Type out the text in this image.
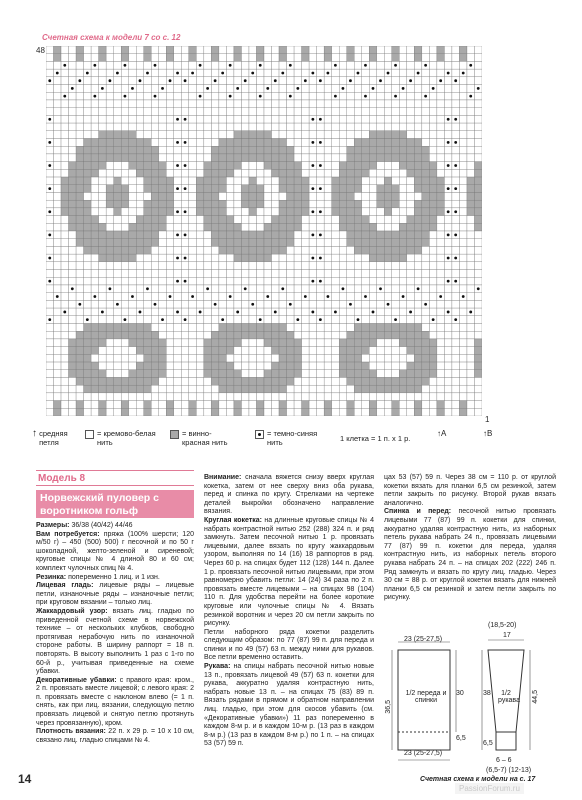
Счетная схема к модели 7 со с. 12
48
1
↑ средняя петля
= кремово-белая нить
= винно-красная нить
= темно-синяя нить	1 клетка = 1 п. х 1 р.
↑A	↑B
Модель 8
Норвежский пуловер с воротником гольф

Размеры: 36/38 (40/42) 44/46

Вам потребуется: пряжа (100% шерсти; 120 м/50 г) – 450 (500) 500) г песочной и по 50 г шоколадной, желто-зеленой и сиреневой; круговые спицы № 4 длиной 80 и 60 см; комплект чулочных спиц № 4.

Резинка: попеременно 1 лиц. и 1 изн.

Лицевая гладь: лицевые ряды – лицевые петли, изнаночные ряды – изнаночные петли; при круговом вязании – только лиц.

Жаккардовый узор: вязать лиц. гладью по приведенной счетной схеме в норвежской технике – от нескольких клубков, свободно протягивая нерабочую нить по изнаночной стороне работы. В ширину раппорт = 18 п. повторять. В высоту выполнить 1 раз с 1-го по 60-й р., учитывая приведенные на схеме убавки.

Декоративные убавки: с правого края: кром., 2 п. провязать вместе лицевой; с левого края: 2 п. провязать вместе с наклоном влево (= 1 п. снять, как при лиц. вязании, следующую петлю провязать лицевой и снятую петлю протянуть через провязанную), кром.

Плотность вязания: 22 п. х 29 р. = 10 х 10 см, связано лиц. гладью спицами № 4.

Внимание: сначала вяжется снизу вверх круглая кокетка, затем от нее сверху вниз оба рукава, перед и спинка по кругу. Стрелками на чертеже деталей выкройки обозначено направление вязания.

Круглая кокетка: на длинные круговые спицы № 4 набрать контрастной нитью 252 (288) 324 п. и ряд замкнуть. Затем песочной нитью 1 р. провязать лицевыми, далее вязать по кругу жаккардовым узором, выполняя по 14 (16) 18 раппортов в ряд. Через 60 р. на спицах будет 112 (128) 144 п. Далее 1 р. провязать песочной нитью лицевыми, при этом равномерно убавить петли: 14 (24) 34 раза по 2 п. провязать вместе лицевыми – на спицах 98 (104) 110 п. Для удобства перейти на более короткие круговые или чулочные спицы № 4. Вязать резинкой воротник и через 20 см петли закрыть по рисунку.

Петли наборного ряда кокетки разделить следующим образом: по 77 (87) 99 п. для переда и спинки и по 49 (57) 63 п. между ними для рукавов. Все петли временно оставить.

Рукава: на спицы набрать песочной нитью новые 13 п., провязать лицевой 49 (57) 63 п. кокетки для рукава, аккуратно удаляя контрастную нить, набрать новые 13 п. – на спицах 75 (83) 89 п. Вязать рядами в прямом и обратном направлении лиц. гладью, при этом для скосов убавить (см. «Декоративные убавки») 11 раз попеременно в каждом 8-м р. и в каждом 10-м р. (13 раз в каждом 8-м р.) (13 раз в каждом 8-м р.) по 1 п. – на спицах 53 (57) 59 п.

цах 53 (57) 59 п. Через 38 см = 110 р. от круглой кокетки вязать для планки 6,5 см резинкой, затем петли закрыть по рисунку. Второй рукав вязать аналогично.

Спинка и перед: песочной нитью провязать лицевыми 77 (87) 99 п. кокетки для спинки, аккуратно удаляя контрастную нить, из наборных петель рукава набрать 24 п., провязать лицевыми 77 (87) 99 п. кокетки для переда, удаляя контрастную нить, из наборных петель второго рукава набрать 24 п. – на спицах 202 (222) 246 п. Ряд замкнуть и вязать по кругу лиц. гладью. Через 30 см = 88 р. от круглой кокетки вязать для нижней планки 6,5 см резинкой и затем петли закрыть по рисунку.

23 (25-27,5)
23 (25-27,5)
1/2 переда и спинки
30
6,5
36,5
(18,5-20)
17
38	1/2 рукава 44,5
6,5
6 – 6
(6,5-7) (12-13)
14	Счетная схема к модели на с. 17
PassionForum.ru
